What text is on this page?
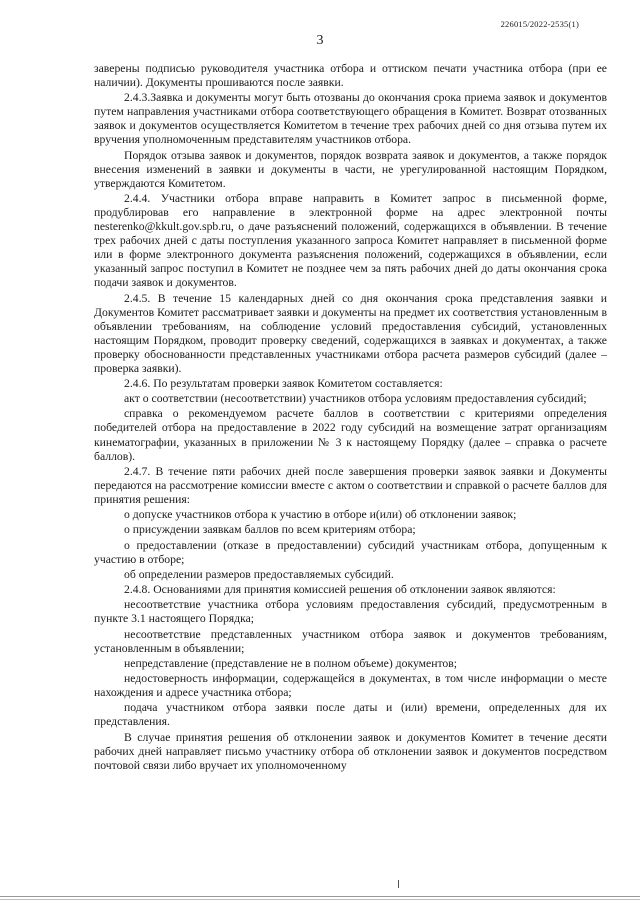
226015/2022-2535(1)
3

заверены подписью руководителя участника отбора и оттиском печати участника отбора (при ее наличии). Документы прошиваются после заявки.

2.4.3.Заявка и документы могут быть отозваны до окончания срока приема заявок и документов путем направления участниками отбора соответствующего обращения в Комитет. Возврат отозванных заявок и документов осуществляется Комитетом в течение трех рабочих дней со дня отзыва путем их вручения уполномоченным представителям участников отбора.

Порядок отзыва заявок и документов, порядок возврата заявок и документов, а также порядок внесения изменений в заявки и документы в части, не урегулированной настоящим Порядком, утверждаются Комитетом.

2.4.4. Участники отбора вправе направить в Комитет запрос в письменной форме, продублировав его направление в электронной форме на адрес электронной почты nesterenko@kkult.gov.spb.ru, о даче разъяснений положений, содержащихся в объявлении. В течение трех рабочих дней с даты поступления указанного запроса Комитет направляет в письменной форме или в форме электронного документа разъяснения положений, содержащихся в объявлении, если указанный запрос поступил в Комитет не позднее чем за пять рабочих дней до даты окончания срока подачи заявок и документов.

2.4.5. В течение 15 календарных дней со дня окончания срока представления заявки и Документов Комитет рассматривает заявки и документы на предмет их соответствия установленным в объявлении требованиям, на соблюдение условий предоставления субсидий, установленных настоящим Порядком, проводит проверку сведений, содержащихся в заявках и документах, а также проверку обоснованности представленных участниками отбора расчета размеров субсидий (далее – проверка заявки).

2.4.6. По результатам проверки заявок Комитетом составляется:

акт о соответствии (несоответствии) участников отбора условиям предоставления субсидий;

справка о рекомендуемом расчете баллов в соответствии с критериями определения победителей отбора на предоставление в 2022 году субсидий на возмещение затрат организациям кинематографии, указанных в приложении № 3 к настоящему Порядку (далее – справка о расчете баллов).

2.4.7. В течение пяти рабочих дней после завершения проверки заявок заявки и Документы передаются на рассмотрение комиссии вместе с актом о соответствии и справкой о расчете баллов для принятия решения:

о допуске участников отбора к участию в отборе и(или) об отклонении заявок;

о присуждении заявкам баллов по всем критериям отбора;

о предоставлении (отказе в предоставлении) субсидий участникам отбора, допущенным к участию в отборе;

об определении размеров предоставляемых субсидий.

2.4.8. Основаниями для принятия комиссией решения об отклонении заявок являются:

несоответствие участника отбора условиям предоставления субсидий, предусмотренным в пункте 3.1 настоящего Порядка;

несоответствие представленных участником отбора заявок и документов требованиям, установленным в объявлении;

непредставление (представление не в полном объеме) документов;

недостоверность информации, содержащейся в документах, в том числе информации о месте нахождения и адресе участника отбора;

подача участником отбора заявки после даты и (или) времени, определенных для их представления.

В случае принятия решения об отклонении заявок и документов Комитет в течение десяти рабочих дней направляет письмо участнику отбора об отклонении заявок и документов посредством почтовой связи либо вручает их уполномоченному
